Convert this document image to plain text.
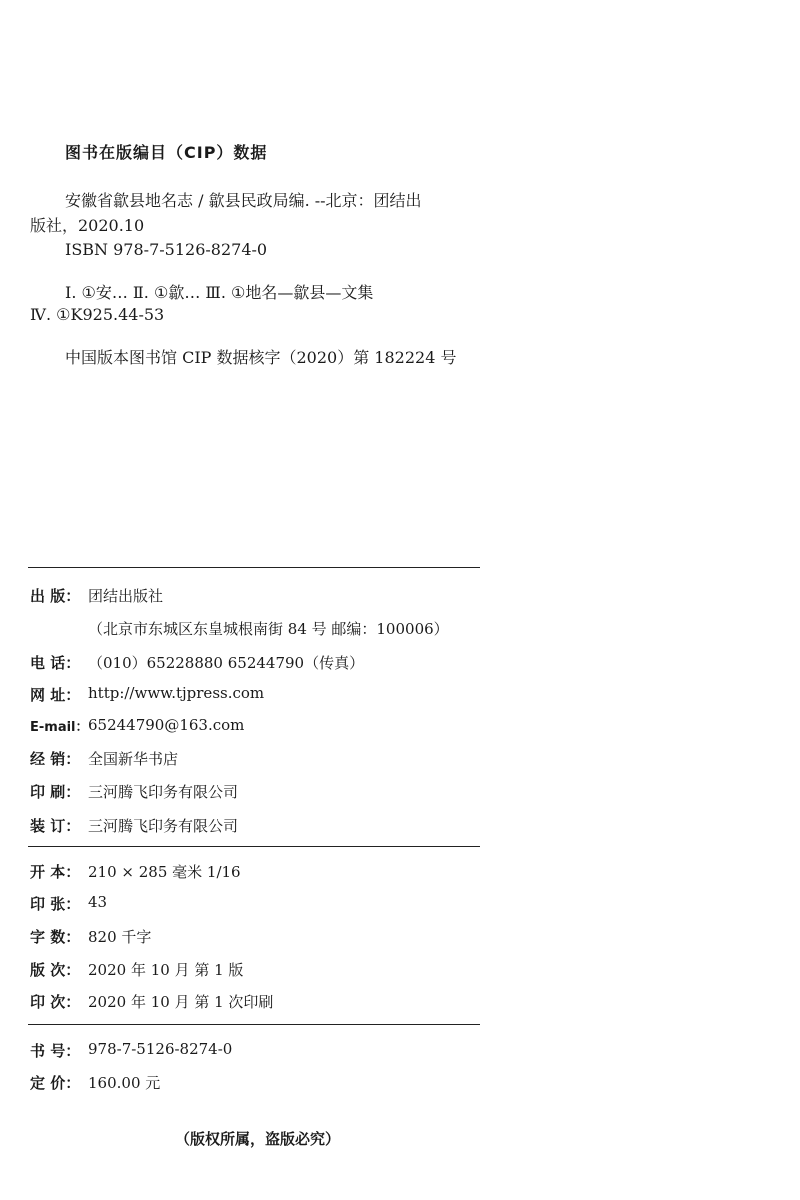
图书在版编目（CIP）数据
安徽省歙县地名志 / 歙县民政局编. --北京：团结出
版社，2020.10
ISBN 978-7-5126-8274-0
Ⅰ. ①安… Ⅱ. ①歙… Ⅲ. ①地名—歙县—文集
Ⅳ. ①K925.44-53
中国版本图书馆 CIP 数据核字（2020）第 182224 号
出 版： 团结出版社
（北京市东城区东皇城根南街 84 号 邮编：100006）
电 话： （010）65228880 65244790（传真）
网 址： http://www.tjpress.com
E-mail： 65244790@163.com
经 销： 全国新华书店
印 刷： 三河腾飞印务有限公司
装 订： 三河腾飞印务有限公司
开 本： 210 × 285 毫米 1/16
印 张： 43
字 数： 820 千字
版 次： 2020 年 10 月 第 1 版
印 次： 2020 年 10 月 第 1 次印刷
书 号： 978-7-5126-8274-0
定 价： 160.00 元
（版权所属，盗版必究）
